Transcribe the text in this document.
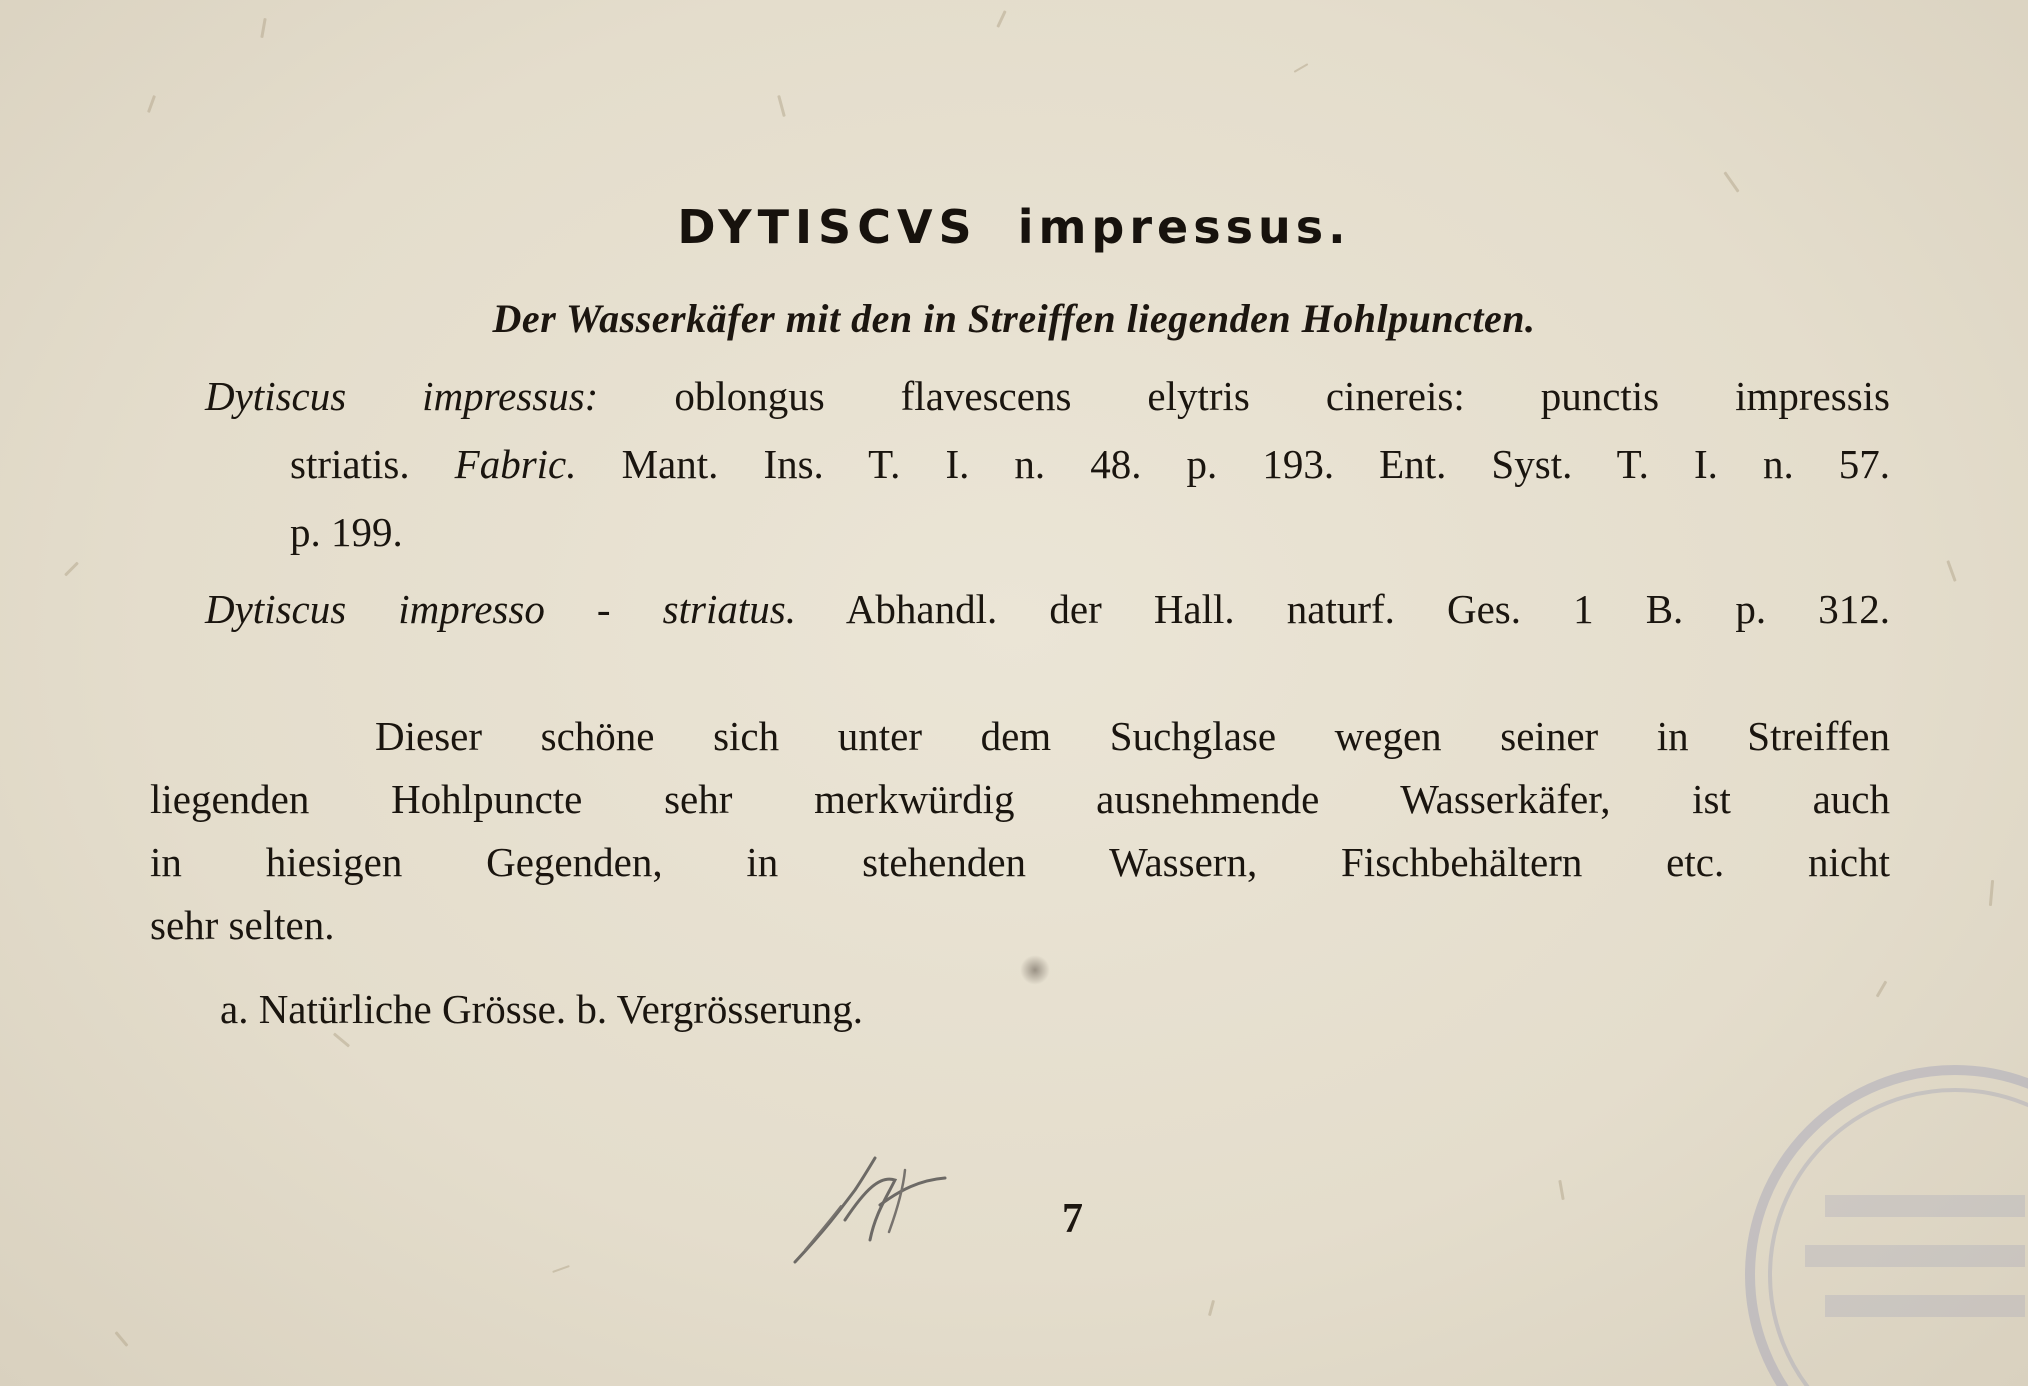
DYTISCVS impressus.
Der Wasserkäfer mit den in Streiffen liegenden Hohlpuncten.
Dytiscus impressus: oblongus flavescens elytris cinereis: punctis impressis
striatis. Fabric. Mant. Ins. T. I. n. 48. p. 193. Ent. Syst. T. I. n. 57.
p. 199.
Dytiscus impresso - striatus. Abhandl. der Hall. naturf. Ges. 1 B. p. 312.
Dieser schöne sich unter dem Suchglase wegen seiner in Streiffen
liegenden Hohlpuncte sehr merkwürdig ausnehmende Wasserkäfer, ist auch
in hiesigen Gegenden, in stehenden Wassern, Fischbehältern etc. nicht
sehr selten.
a. Natürliche Grösse. b. Vergrösserung.
7
